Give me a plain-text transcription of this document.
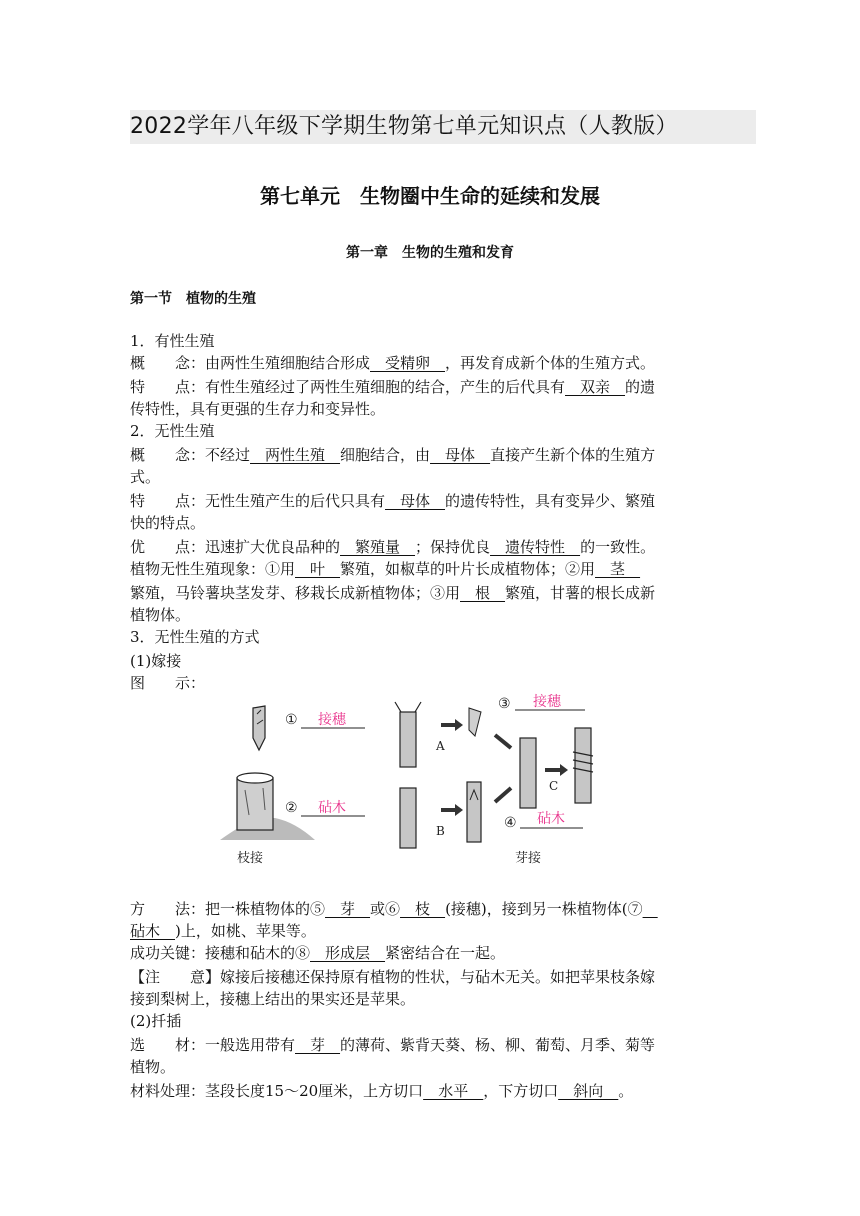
2022学年八年级下学期生物第七单元知识点（人教版）
第七单元　生物圈中生命的延续和发展
第一章　生物的生殖和发育
第一节　植物的生殖
1．有性生殖
概　　念：由两性生殖细胞结合形成__受精卵__，再发育成新个体的生殖方式。
特　　点：有性生殖经过了两性生殖细胞的结合，产生的后代具有__双亲__的遗
传特性，具有更强的生存力和变异性。
2．无性生殖
概　　念：不经过__两性生殖__细胞结合，由__母体__直接产生新个体的生殖方
式。
特　　点：无性生殖产生的后代只具有__母体__的遗传特性，具有变异少、繁殖
快的特点。
优　　点：迅速扩大优良品种的__繁殖量__；保持优良__遗传特性__的一致性。
植物无性生殖现象：①用__叶__繁殖，如椒草的叶片长成植物体；②用__茎__
繁殖，马铃薯块茎发芽、移栽长成新植物体；③用__根__繁殖，甘薯的根长成新
植物体。
3．无性生殖的方式
(1)嫁接
图　　示：
① 接穗
② 砧木
枝接
A
B
C
③ 接穗
④ 砧木
芽接
方　　法：把一株植物体的⑤__芽__或⑥__枝__(接穗)，接到另一株植物体(⑦__
砧木__)上，如桃、苹果等。
成功关键：接穗和砧木的⑧__形成层__紧密结合在一起。
【注　　意】嫁接后接穗还保持原有植物的性状，与砧木无关。如把苹果枝条嫁
接到梨树上，接穗上结出的果实还是苹果。
(2)扦插
选　　材：一般选用带有__芽__的薄荷、紫背天葵、杨、柳、葡萄、月季、菊等
植物。
材料处理：茎段长度15～20厘米，上方切口__水平__，下方切口__斜向__。
